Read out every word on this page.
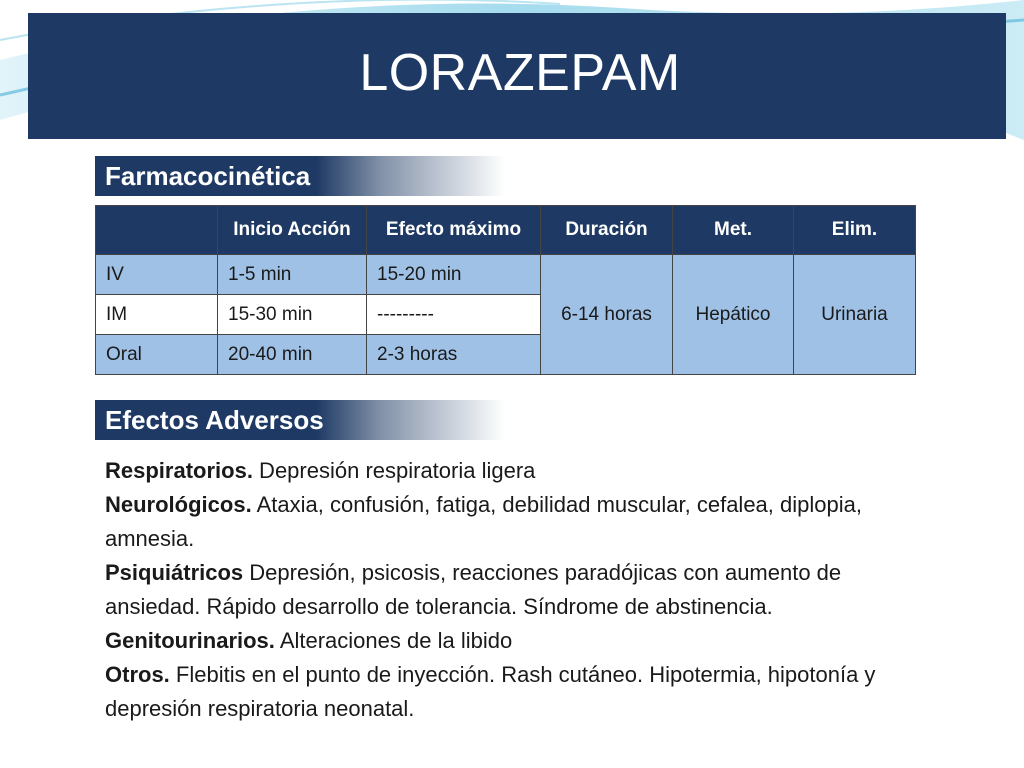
LORAZEPAM
Farmacocinética
	Inicio Acción	Efecto máximo	Duración	Met.	Elim.
IV	1-5 min	15-20 min	6-14 horas	Hepático	Urinaria
IM	15-30 min	---------			
Oral	20-40 min	2-3 horas			
Efectos Adversos

Respiratorios. Depresión respiratoria ligera

Neurológicos. Ataxia, confusión, fatiga, debilidad muscular, cefalea, diplopia, amnesia.

Psiquiátricos Depresión, psicosis, reacciones paradójicas con aumento de ansiedad. Rápido desarrollo de tolerancia. Síndrome de abstinencia.

Genitourinarios. Alteraciones de la libido

Otros. Flebitis en el punto de inyección. Rash cutáneo. Hipotermia, hipotonía y depresión respiratoria neonatal.
